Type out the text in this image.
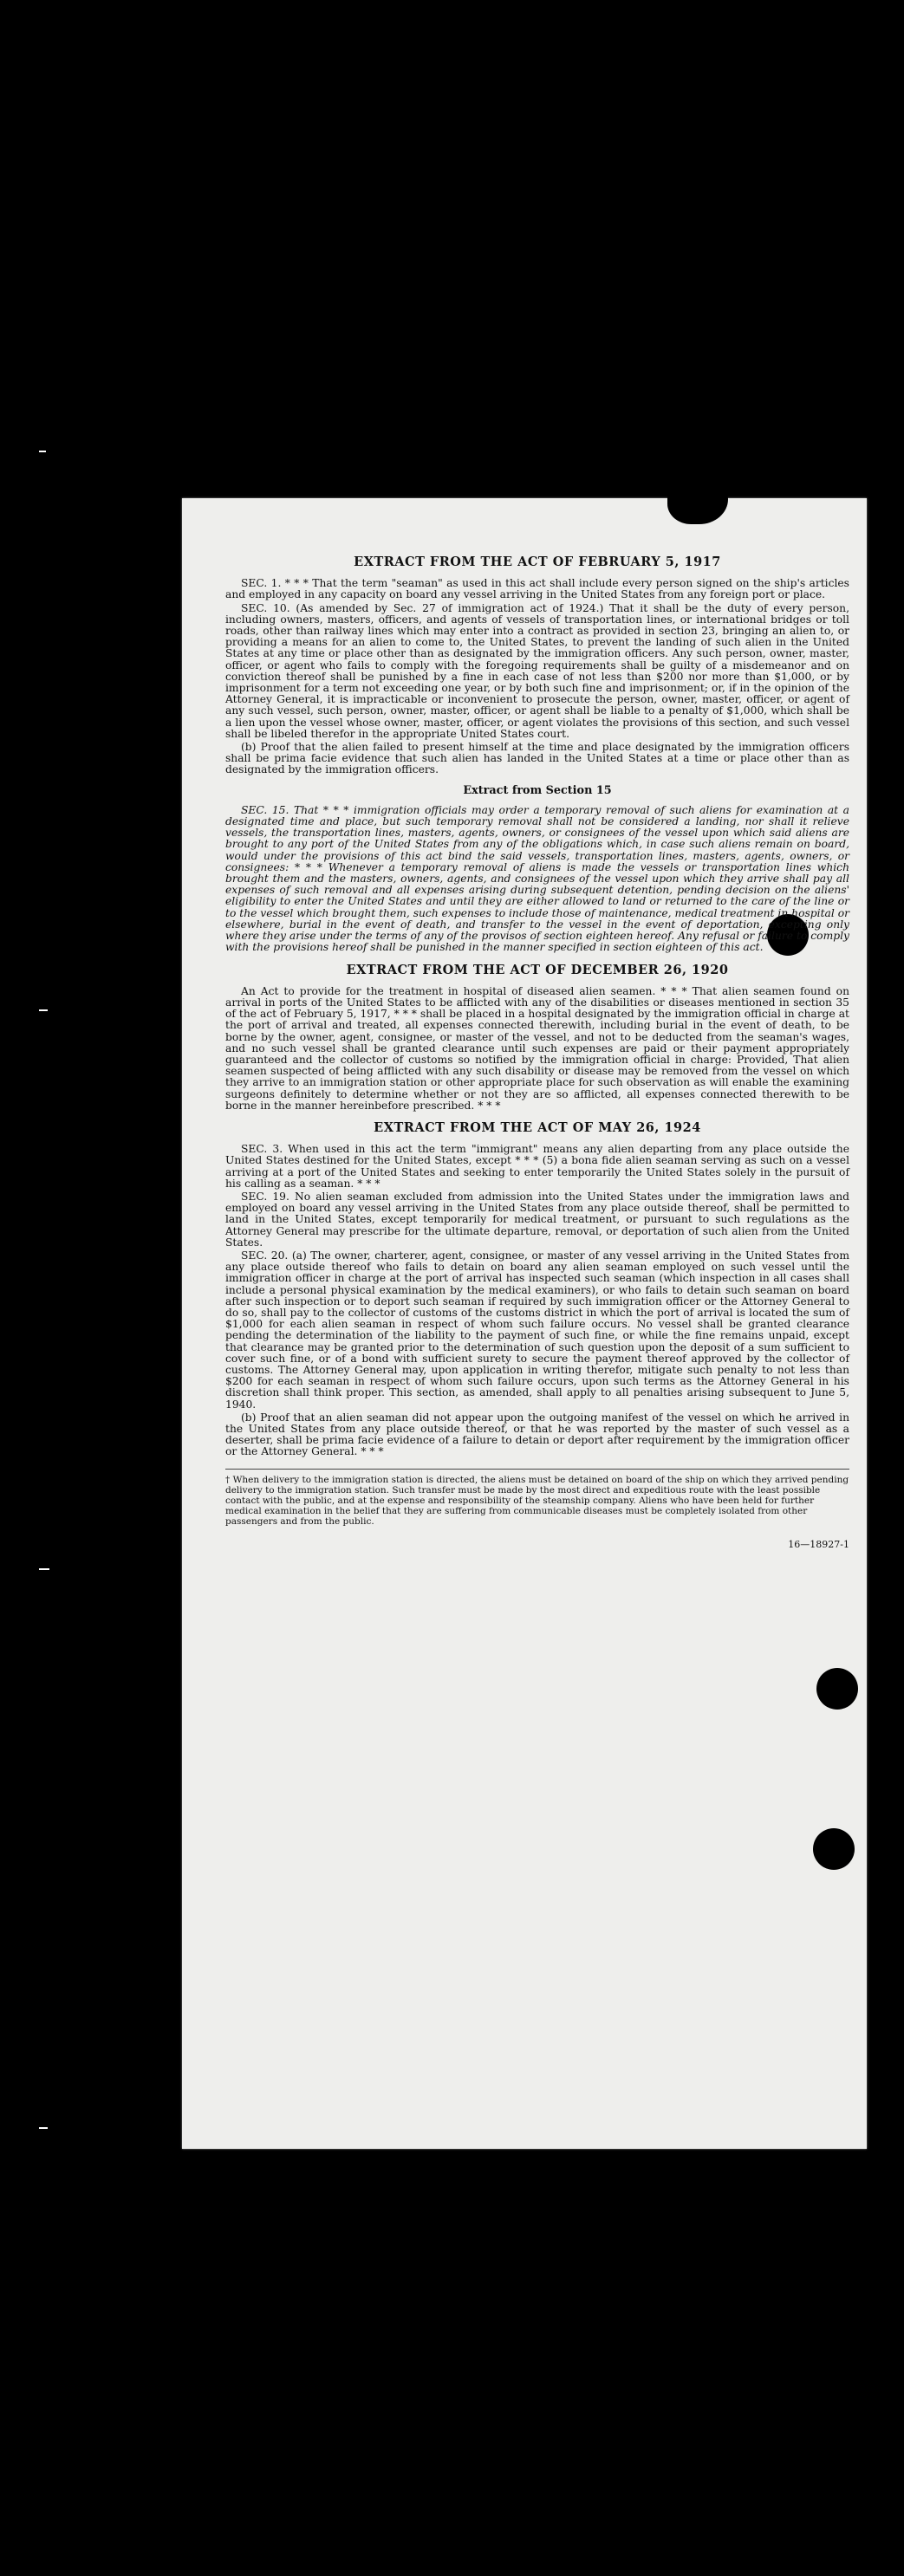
EXTRACT FROM THE ACT OF FEBRUARY 5, 1917

SEC. 1. * * * That the term "seaman" as used in this act shall include every person signed on the ship's articles and employed in any capacity on board any vessel arriving in the United States from any foreign port or place.

SEC. 10. (As amended by Sec. 27 of immigration act of 1924.) That it shall be the duty of every person, including owners, masters, officers, and agents of vessels of transportation lines, or international bridges or toll roads, other than railway lines which may enter into a contract as provided in section 23, bringing an alien to, or providing a means for an alien to come to, the United States, to prevent the landing of such alien in the United States at any time or place other than as designated by the immigration officers. Any such person, owner, master, officer, or agent who fails to comply with the foregoing requirements shall be guilty of a misdemeanor and on conviction thereof shall be punished by a fine in each case of not less than $200 nor more than $1,000, or by imprisonment for a term not exceeding one year, or by both such fine and imprisonment; or, if in the opinion of the Attorney General, it is impracticable or inconvenient to prosecute the person, owner, master, officer, or agent of any such vessel, such person, owner, master, officer, or agent shall be liable to a penalty of $1,000, which shall be a lien upon the vessel whose owner, master, officer, or agent violates the provisions of this section, and such vessel shall be libeled therefor in the appropriate United States court.

(b) Proof that the alien failed to present himself at the time and place designated by the immigration officers shall be prima facie evidence that such alien has landed in the United States at a time or place other than as designated by the immigration officers.

Extract from Section 15

SEC. 15. That * * * immigration officials may order a temporary removal of such aliens for examination at a designated time and place, but such temporary removal shall not be considered a landing, nor shall it relieve vessels, the transportation lines, masters, agents, owners, or consignees of the vessel upon which said aliens are brought to any port of the United States from any of the obligations which, in case such aliens remain on board, would under the provisions of this act bind the said vessels, transportation lines, masters, agents, owners, or consignees: * * * Whenever a temporary removal of aliens is made the vessels or transportation lines which brought them and the masters, owners, agents, and consignees of the vessel upon which they arrive shall pay all expenses of such removal and all expenses arising during subsequent detention, pending decision on the aliens' eligibility to enter the United States and until they are either allowed to land or returned to the care of the line or to the vessel which brought them, such expenses to include those of maintenance, medical treatment in hospital or elsewhere, burial in the event of death, and transfer to the vessel in the event of deportation, excepting only where they arise under the terms of any of the provisos of section eighteen hereof. Any refusal or failure to comply with the provisions hereof shall be punished in the manner specified in section eighteen of this act.

EXTRACT FROM THE ACT OF DECEMBER 26, 1920

An Act to provide for the treatment in hospital of diseased alien seamen. * * * That alien seamen found on arrival in ports of the United States to be afflicted with any of the disabilities or diseases mentioned in section 35 of the act of February 5, 1917, * * * shall be placed in a hospital designated by the immigration official in charge at the port of arrival and treated, all expenses connected therewith, including burial in the event of death, to be borne by the owner, agent, consignee, or master of the vessel, and not to be deducted from the seaman's wages, and no such vessel shall be granted clearance until such expenses are paid or their payment appropriately guaranteed and the collector of customs so notified by the immigration official in charge: Provided, That alien seamen suspected of being afflicted with any such disability or disease may be removed from the vessel on which they arrive to an immigration station or other appropriate place for such observation as will enable the examining surgeons definitely to determine whether or not they are so afflicted, all expenses connected therewith to be borne in the manner hereinbefore prescribed. * * *

EXTRACT FROM THE ACT OF MAY 26, 1924

SEC. 3. When used in this act the term "immigrant" means any alien departing from any place outside the United States destined for the United States, except * * * (5) a bona fide alien seaman serving as such on a vessel arriving at a port of the United States and seeking to enter temporarily the United States solely in the pursuit of his calling as a seaman. * * *

SEC. 19. No alien seaman excluded from admission into the United States under the immigration laws and employed on board any vessel arriving in the United States from any place outside thereof, shall be permitted to land in the United States, except temporarily for medical treatment, or pursuant to such regulations as the Attorney General may prescribe for the ultimate departure, removal, or deportation of such alien from the United States.

SEC. 20. (a) The owner, charterer, agent, consignee, or master of any vessel arriving in the United States from any place outside thereof who fails to detain on board any alien seaman employed on such vessel until the immigration officer in charge at the port of arrival has inspected such seaman (which inspection in all cases shall include a personal physical examination by the medical examiners), or who fails to detain such seaman on board after such inspection or to deport such seaman if required by such immigration officer or the Attorney General to do so, shall pay to the collector of customs of the customs district in which the port of arrival is located the sum of $1,000 for each alien seaman in respect of whom such failure occurs. No vessel shall be granted clearance pending the determination of the liability to the payment of such fine, or while the fine remains unpaid, except that clearance may be granted prior to the determination of such question upon the deposit of a sum sufficient to cover such fine, or of a bond with sufficient surety to secure the payment thereof approved by the collector of customs. The Attorney General may, upon application in writing therefor, mitigate such penalty to not less than $200 for each seaman in respect of whom such failure occurs, upon such terms as the Attorney General in his discretion shall think proper. This section, as amended, shall apply to all penalties arising subsequent to June 5, 1940.

(b) Proof that an alien seaman did not appear upon the outgoing manifest of the vessel on which he arrived in the United States from any place outside thereof, or that he was reported by the master of such vessel as a deserter, shall be prima facie evidence of a failure to detain or deport after requirement by the immigration officer or the Attorney General. * * *

† When delivery to the immigration station is directed, the aliens must be detained on board of the ship on which they arrived pending delivery to the immigration station. Such transfer must be made by the most direct and expeditious route with the least possible contact with the public, and at the expense and responsibility of the steamship company. Aliens who have been held for further medical examination in the belief that they are suffering from communicable diseases must be completely isolated from other passengers and from the public.
16—18927-1
